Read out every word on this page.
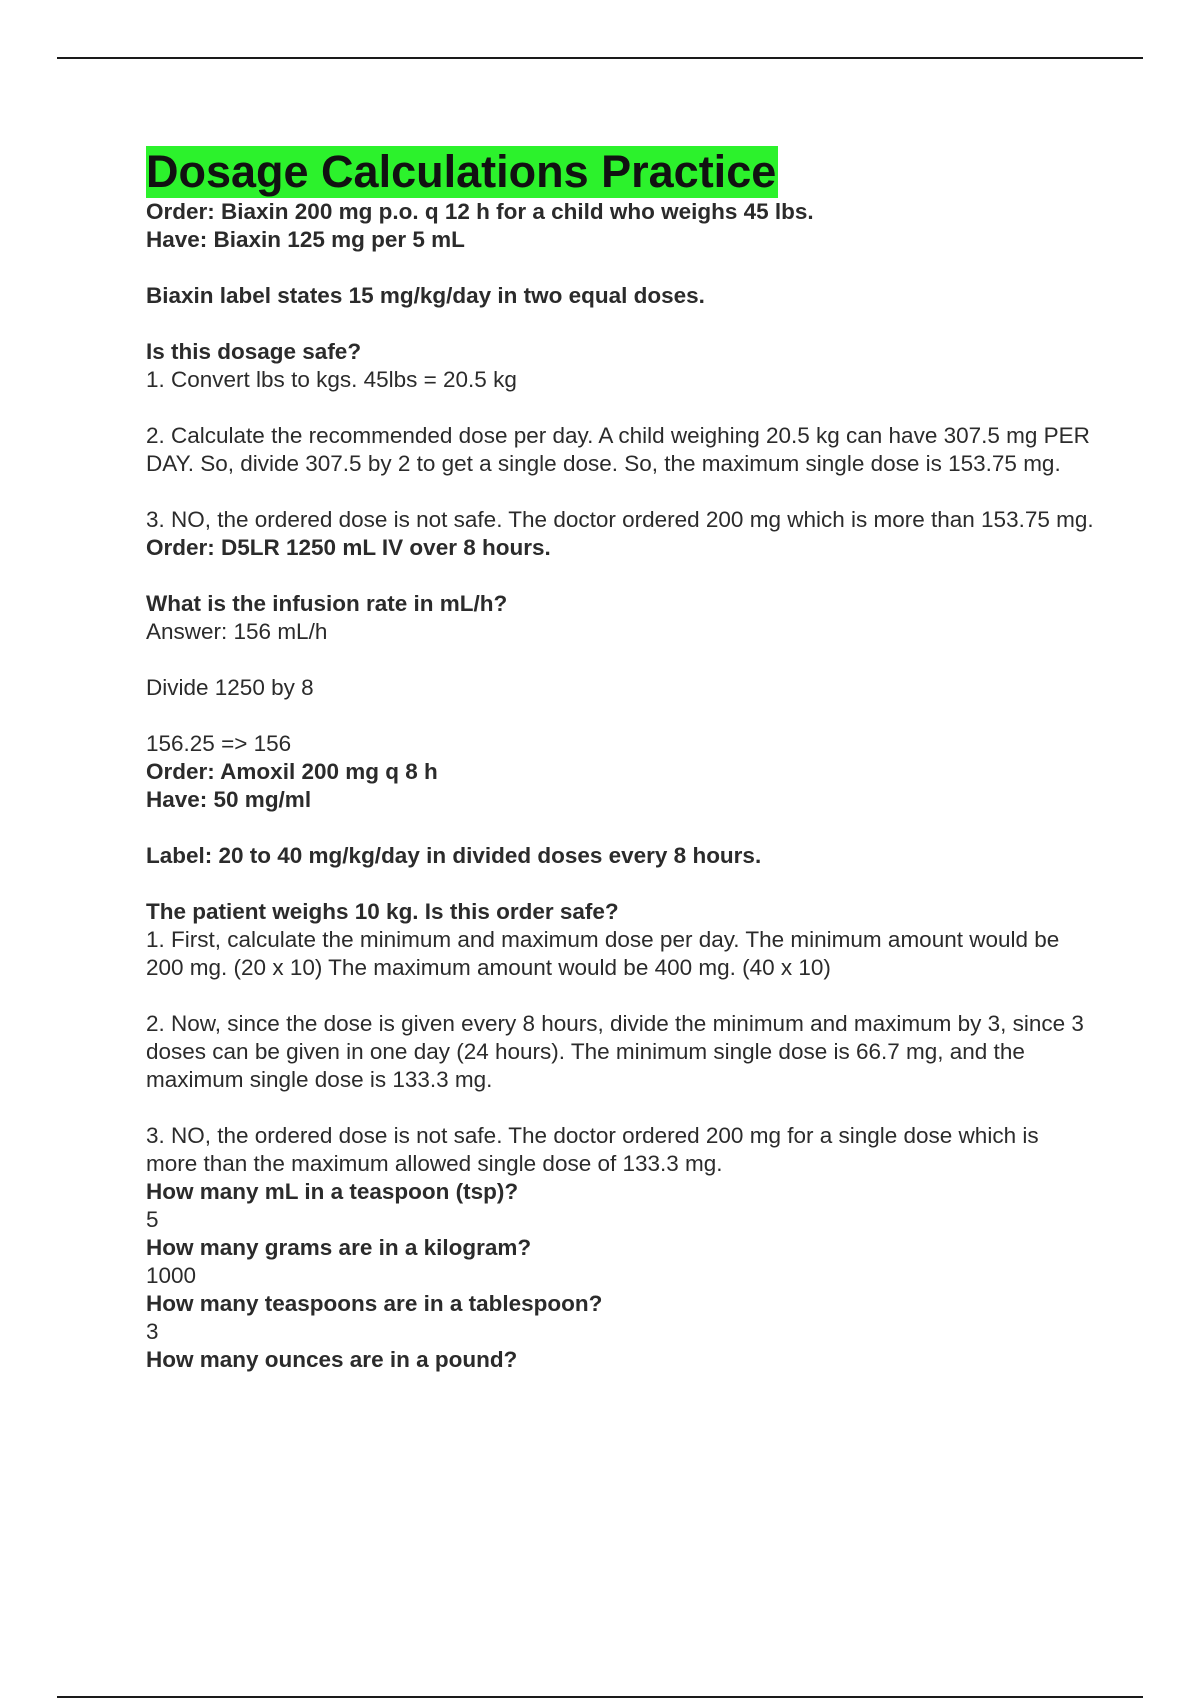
Dosage Calculations Practice

Order: Biaxin 200 mg p.o. q 12 h for a child who weighs 45 lbs.

Have: Biaxin 125 mg per 5 mL

Biaxin label states 15 mg/kg/day in two equal doses.

Is this dosage safe?

1. Convert lbs to kgs. 45lbs = 20.5 kg

2. Calculate the recommended dose per day. A child weighing 20.5 kg can have 307.5 mg PER DAY. So, divide 307.5 by 2 to get a single dose. So, the maximum single dose is 153.75 mg.

3. NO, the ordered dose is not safe. The doctor ordered 200 mg which is more than 153.75 mg.

Order: D5LR 1250 mL IV over 8 hours.

What is the infusion rate in mL/h?

Answer: 156 mL/h

Divide 1250 by 8

156.25 => 156

Order: Amoxil 200 mg q 8 h

Have: 50 mg/ml

Label: 20 to 40 mg/kg/day in divided doses every 8 hours.

The patient weighs 10 kg. Is this order safe?

1. First, calculate the minimum and maximum dose per day. The minimum amount would be 200 mg. (20 x 10) The maximum amount would be 400 mg. (40 x 10)

2. Now, since the dose is given every 8 hours, divide the minimum and maximum by 3, since 3 doses can be given in one day (24 hours). The minimum single dose is 66.7 mg, and the maximum single dose is 133.3 mg.

3. NO, the ordered dose is not safe. The doctor ordered 200 mg for a single dose which is more than the maximum allowed single dose of 133.3 mg.

How many mL in a teaspoon (tsp)?

5

How many grams are in a kilogram?

1000

How many teaspoons are in a tablespoon?

3

How many ounces are in a pound?
